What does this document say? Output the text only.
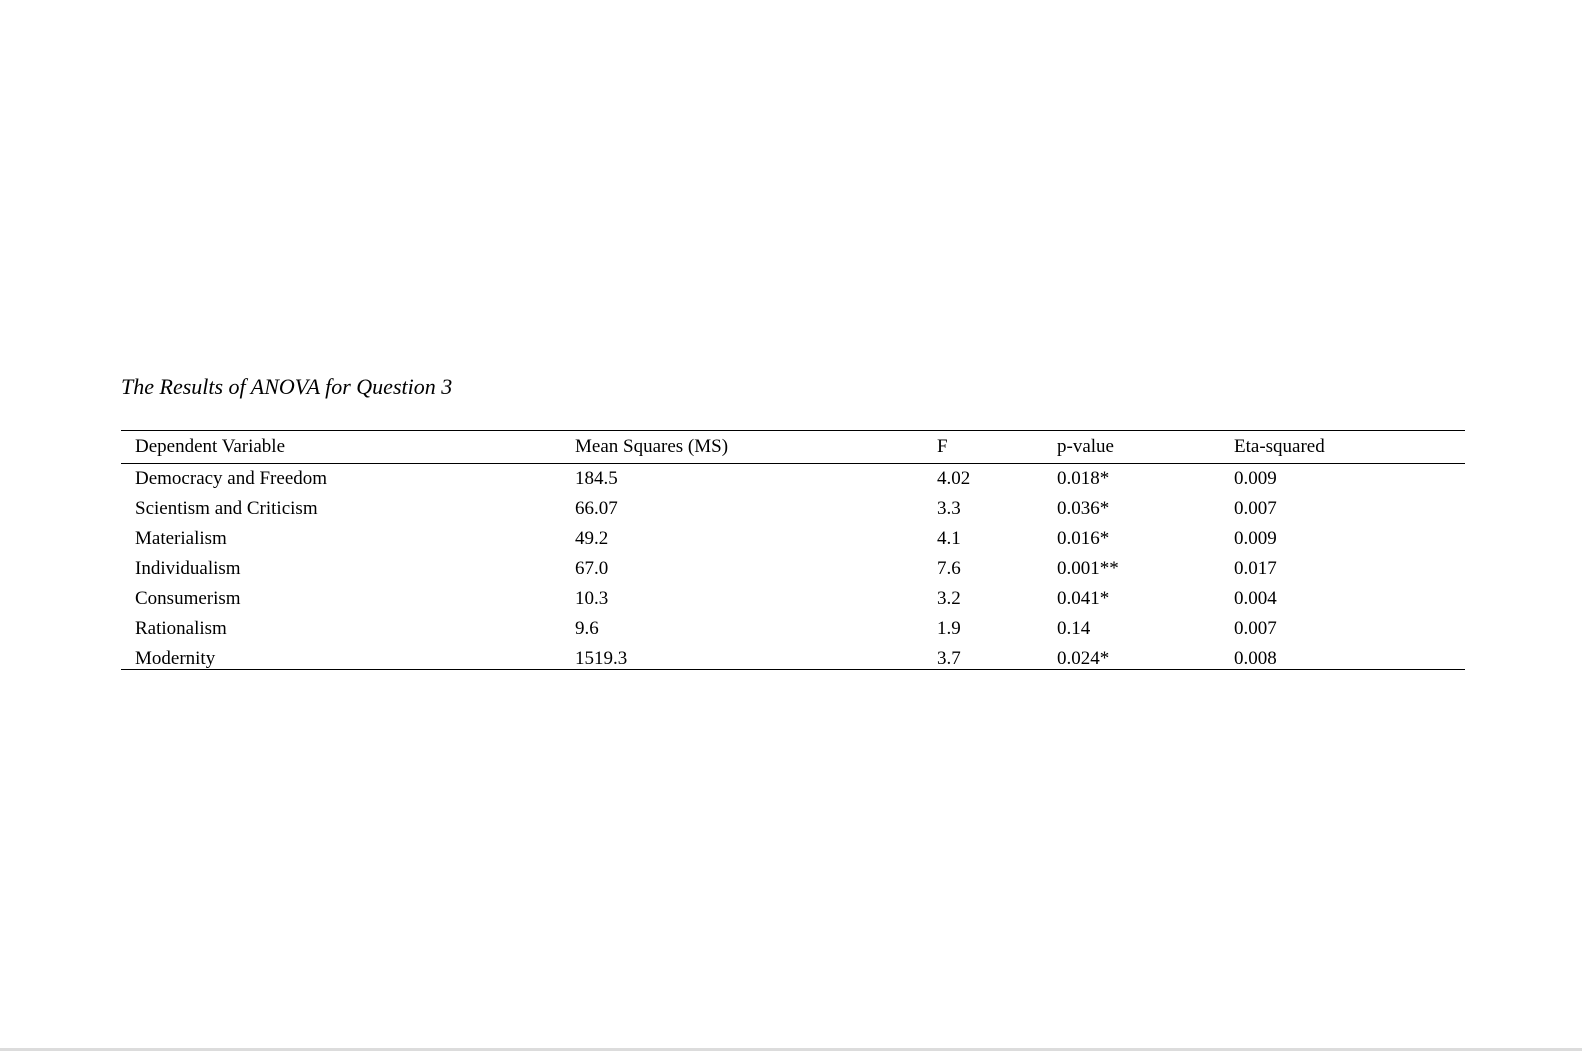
The Results of ANOVA for Question 3
Dependent Variable	Mean Squares (MS)	F	p-value	Eta-squared
Democracy and Freedom	184.5	4.02	0.018*	0.009
Scientism and Criticism	66.07	3.3	0.036*	0.007
Materialism	49.2	4.1	0.016*	0.009
Individualism	67.0	7.6	0.001**	0.017
Consumerism	10.3	3.2	0.041*	0.004
Rationalism	9.6	1.9	0.14	0.007
Modernity	1519.3	3.7	0.024*	0.008
